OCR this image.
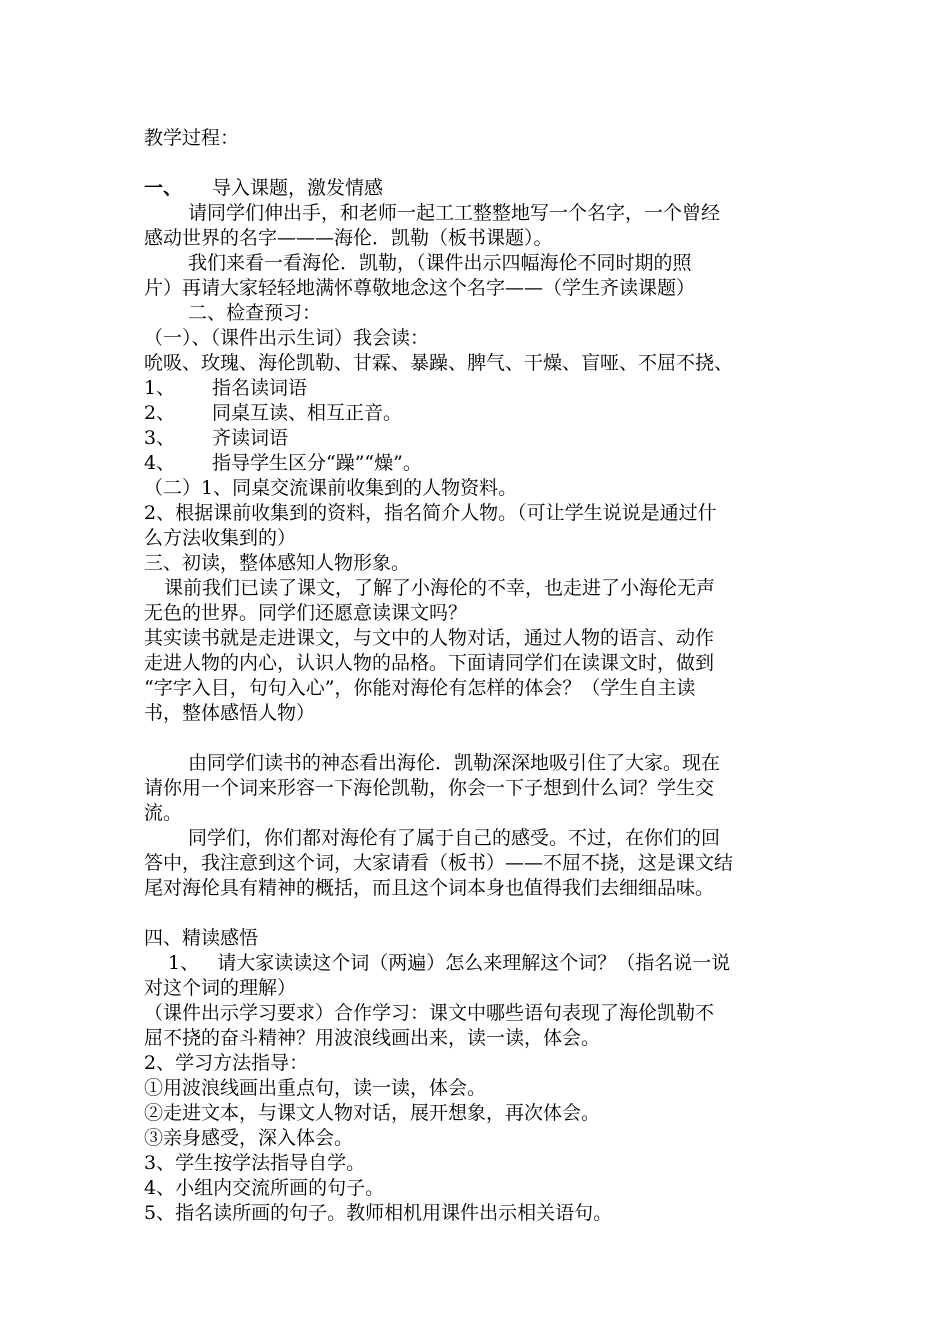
教学过程：
一、 导入课题，激发情感
请同学们伸出手，和老师一起工工整整地写一个名字，一个曾经
感动世界的名字———海伦．凯勒（板书课题）。
我们来看一看海伦．凯勒，（课件出示四幅海伦不同时期的照
片）再请大家轻轻地满怀尊敬地念这个名字——（学生齐读课题）
二、检查预习：
（一）、（课件出示生词）我会读：
吮吸、玫瑰、海伦凯勒、甘霖、暴躁、脾气、干燥、盲哑、不屈不挠、
1、 指名读词语
2、 同桌互读、相互正音。
3、 齐读词语
4、 指导学生区分“躁”“燥”。
（二）1、同桌交流课前收集到的人物资料。
2、根据课前收集到的资料，指名简介人物。（可让学生说说是通过什
么方法收集到的）
三、初读，整体感知人物形象。
课前我们已读了课文，了解了小海伦的不幸，也走进了小海伦无声
无色的世界。同学们还愿意读课文吗？
其实读书就是走进课文，与文中的人物对话，通过人物的语言、动作
走进人物的内心，认识人物的品格。下面请同学们在读课文时，做到
“字字入目，句句入心”，你能对海伦有怎样的体会？（学生自主读
书，整体感悟人物）
由同学们读书的神态看出海伦．凯勒深深地吸引住了大家。现在
请你用一个词来形容一下海伦凯勒，你会一下子想到什么词？学生交
流。
同学们，你们都对海伦有了属于自己的感受。不过，在你们的回
答中，我注意到这个词，大家请看（板书）——不屈不挠，这是课文结
尾对海伦具有精神的概括，而且这个词本身也值得我们去细细品味。
四、精读感悟
1、   请大家读读这个词（两遍）怎么来理解这个词？（指名说一说
对这个词的理解）
（课件出示学习要求）合作学习：课文中哪些语句表现了海伦凯勒不
屈不挠的奋斗精神？用波浪线画出来，读一读，体会。
2、学习方法指导：
①用波浪线画出重点句，读一读，体会。
②走进文本，与课文人物对话，展开想象，再次体会。
③亲身感受，深入体会。
3、学生按学法指导自学。
4、小组内交流所画的句子。
5、指名读所画的句子。教师相机用课件出示相关语句。
